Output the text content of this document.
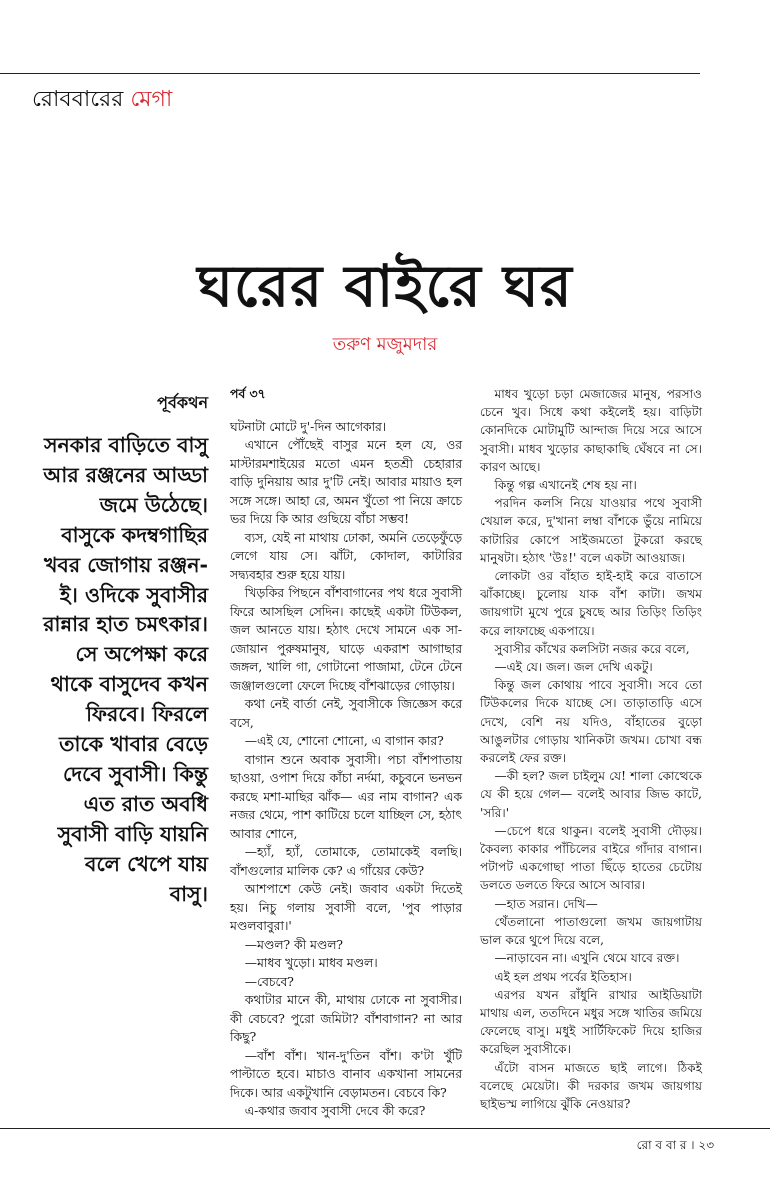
রোববারের মেগা
ঘরের বাইরে ঘর
তরুণ মজুমদার
পূর্বকথন
সনকার বাড়িতে বাসু আর রঞ্জনের আড্ডা জমে উঠেছে। বাসুকে কদম্বগাছির খবর জোগায় রঞ্জন-ই। ওদিকে সুবাসীর রান্নার হাত চমৎকার। সে অপেক্ষা করে থাকে বাসুদেব কখন ফিরবে। ফিরলে তাকে খাবার বেড়ে দেবে সুবাসী। কিন্তু এত রাত অবধি সুবাসী বাড়ি যায়নি বলে খেপে যায় বাসু।

পর্ব ৩৭

ঘটনাটা মোটে দু'-দিন আগেকার।

এখানে পৌঁছেই বাসুর মনে হল যে, ওর মাস্টারমশাইয়ের মতো এমন হতশ্রী চেহারার বাড়ি দুনিয়ায় আর দু'টি নেই। আবার মায়াও হল সঙ্গে সঙ্গে। আহা রে, অমন খুঁতো পা নিয়ে ক্রাচে ভর দিয়ে কি আর গুছিয়ে বাঁচা সম্ভব!

ব্যস, যেই না মাথায় ঢোকা, অমনি তেড়েফুঁড়ে লেগে যায় সে। ঝাঁটা, কোদাল, কাটারির সদ্ব্যবহার শুরু হয়ে যায়।

খিড়কির পিছনে বাঁশবাগানের পথ ধরে সুবাসী ফিরে আসছিল সেদিন। কাছেই একটা টিউকল, জল আনতে যায়। হঠাৎ দেখে সামনে এক সা-জোয়ান পুরুষমানুষ, ঘাড়ে একরাশ আগাছার জঙ্গল, খালি গা, গোটানো পাজামা, টেনে টেনে জঞ্জালগুলো ফেলে দিচ্ছে বাঁশঝাড়ের গোড়ায়।

কথা নেই বার্তা নেই, সুবাসীকে জিজ্ঞেস করে বসে,

—এই যে, শোনো শোনো, এ বাগান কার?

বাগান শুনে অবাক সুবাসী। পচা বাঁশপাতায় ছাওয়া, ওপাশ দিয়ে কাঁচা নর্দমা, কচুবনে ভনভন করছে মশা-মাছির ঝাঁক— এর নাম বাগান? এক নজর থেমে, পাশ কাটিয়ে চলে যাচ্ছিল সে, হঠাৎ আবার শোনে,

—হ্যাঁ, হ্যাঁ, তোমাকে, তোমাকেই বলছি। বাঁশগুলোর মালিক কে? এ গাঁয়ের কেউ?

আশপাশে কেউ নেই। জবাব একটা দিতেই হয়। নিচু গলায় সুবাসী বলে, 'পুব পাড়ার মণ্ডলবাবুরা।'

—মণ্ডল? কী মণ্ডল?

—মাধব খুড়ো। মাধব মণ্ডল।

—বেচবে?

কথাটার মানে কী, মাথায় ঢোকে না সুবাসীর। কী বেচবে? পুরো জমিটা? বাঁশবাগান? না আর কিছু?

—বাঁশ বাঁশ। খান-দু'তিন বাঁশ। ক'টা খুঁটি পাল্টাতে হবে। মাচাও বানাব একখানা সামনের দিকে। আর একটুখানি বেড়ামতন। বেচবে কি?

এ-কথার জবাব সুবাসী দেবে কী করে?

মাধব খুড়ো চড়া মেজাজের মানুষ, পরসাও চেনে খুব। সিধে কথা কইলেই হয়। বাড়িটা কোনদিকে মোটামুটি আন্দাজ দিয়ে সরে আসে সুবাসী। মাধব খুড়োর কাছাকাছি ঘেঁষবে না সে। কারণ আছে।

কিন্তু গল্প এখানেই শেষ হয় না।

পরদিন কলসি নিয়ে যাওয়ার পথে সুবাসী খেয়াল করে, দু'খানা লম্বা বাঁশকে ভুঁয়ে নামিয়ে কাটারির কোপে সাইজমতো টুকরো করছে মানুষটা। হঠাৎ 'উঃ!' বলে একটা আওয়াজ।

লোকটা ওর বাঁহাত হাই-হাই করে বাতাসে ঝাঁকাচ্ছে। চুলোয় যাক বাঁশ কাটা। জখম জায়গাটা মুখে পুরে চুষছে আর তিড়িং তিড়িং করে লাফাচ্ছে একপায়ে।

সুবাসীর কাঁখের কলসিটা নজর করে বলে,

—এই যে। জল। জল দেখি একটু।

কিন্তু জল কোথায় পাবে সুবাসী। সবে তো টিউকলের দিকে যাচ্ছে সে। তাড়াতাড়ি এসে দেখে, বেশি নয় যদিও, বাঁহাতের বুড়ো আঙুলটার গোড়ায় খানিকটা জখম। চোখা বন্ধ করলেই ফের রক্ত।

—কী হল? জল চাইলুম যে! শালা কোত্থেকে যে কী হয়ে গেল— বলেই আবার জিভ কাটে, 'সরি।'

—চেপে ধরে থাকুন। বলেই সুবাসী দৌড়য়। কৈবল্য কাকার পাঁচিলের বাইরে গাঁদার বাগান। পটাপট একগোছা পাতা ছিঁড়ে হাতের চেটোয় ডলতে ডলতে ফিরে আসে আবার।

—হাত সরান। দেখি—

থেঁতলানো পাতাগুলো জখম জায়গাটায় ভাল করে থুপে দিয়ে বলে,

—নাড়াবেন না। এখুনি থেমে যাবে রক্ত।

এই হল প্রথম পর্বের ইতিহাস।

এরপর যখন রাঁধুনি রাখার আইডিয়াটা মাথায় এল, ততদিনে মধুর সঙ্গে খাতির জমিয়ে ফেলেছে বাসু। মধুই সার্টিফিকেট দিয়ে হাজির করেছিল সুবাসীকে।

এঁটো বাসন মাজতে ছাই লাগে। ঠিকই বলেছে মেয়েটা। কী দরকার জখম জায়গায় ছাইভস্ম লাগিয়ে ঝুঁকি নেওয়ার?

রো ব বা র । ২৩
